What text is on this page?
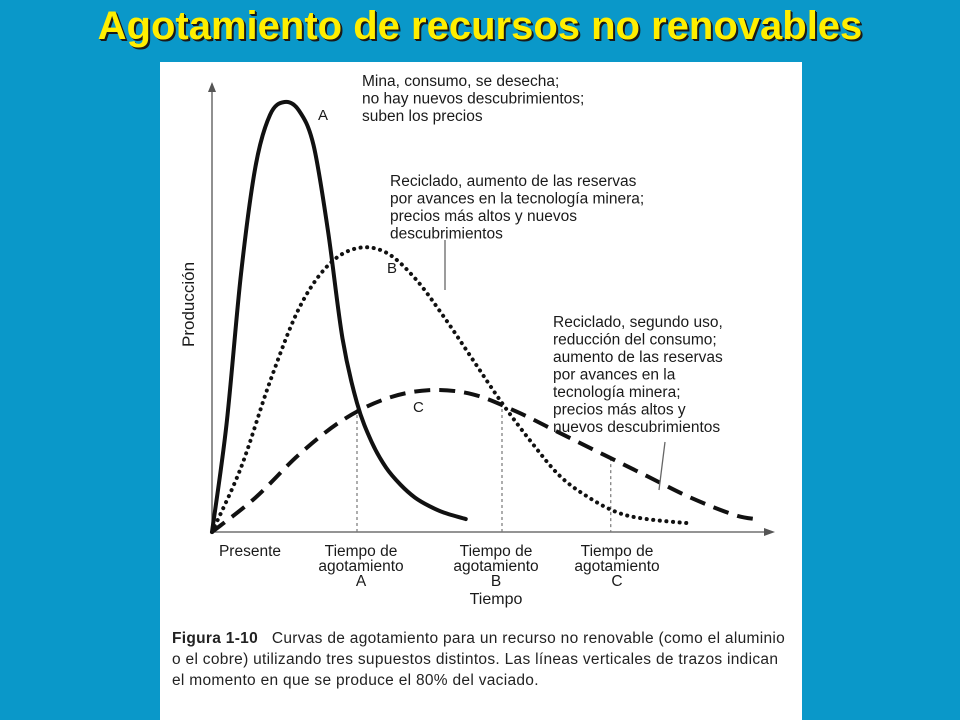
Agotamiento de recursos no renovables
Producción
A
B
C
Presente	Tiempo de
agotamiento
A
Tiempo de
agotamiento
B
Tiempo de
agotamiento
C
Tiempo
Mina, consumo, se desecha;
no hay nuevos descubrimientos;
suben los precios
Reciclado, aumento de las reservas
por avances en la tecnología minera;
precios más altos y nuevos
descubrimientos
Reciclado, segundo uso,
reducción del consumo;
aumento de las reservas
por avances en la
tecnología minera;
precios más altos y
nuevos descubrimientos
Figura 1-10 Curvas de agotamiento para un recurso no renovable (como el aluminio o el cobre) utilizando tres supuestos distintos. Las líneas verticales de trazos indican el momento en que se produce el 80% del vaciado.
